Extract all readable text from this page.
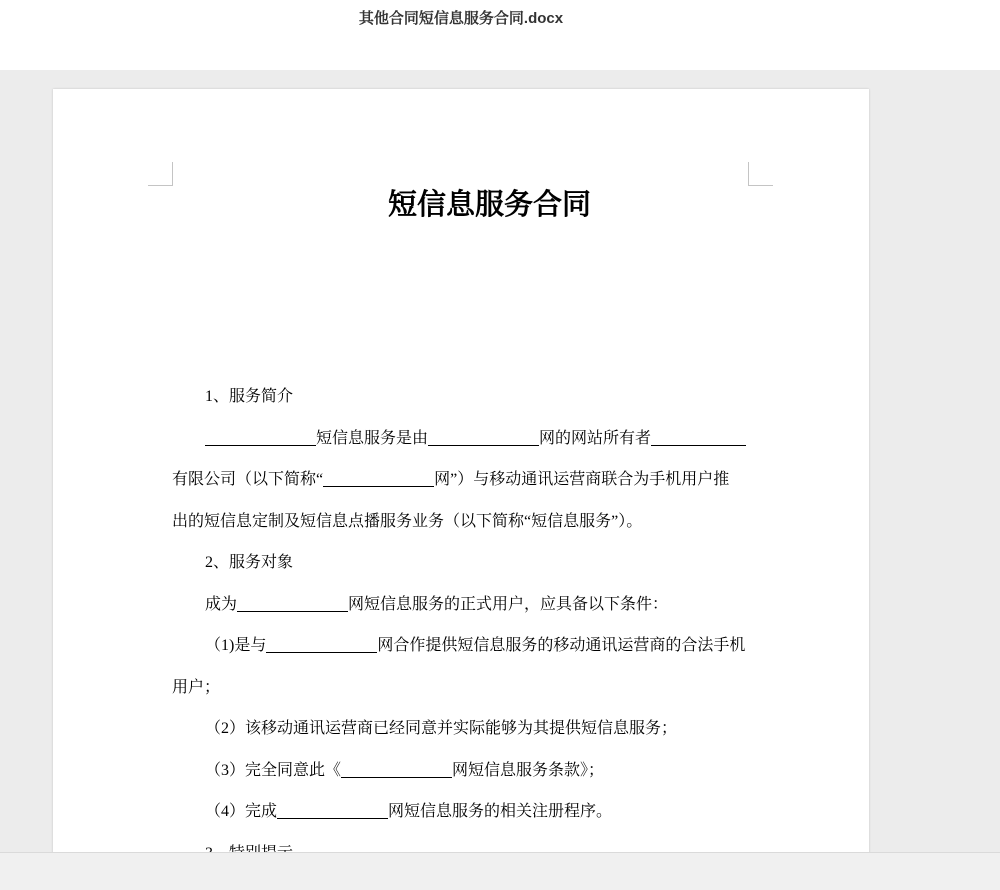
其他合同短信息服务合同.docx
短信息服务合同

1、服务简介

短信息服务是由	网的网站所有者

有限公司（以下简称“	网”）与移动通讯运营商联合为手机用户推

出的短信息定制及短信息点播服务业务（以下简称“短信息服务”）。

2、服务对象

成为	网短信息服务的正式用户，应具备以下条件：

（1)是与	网合作提供短信息服务的移动通讯运营商的合法手机

用户；

（2）该移动通讯运营商已经同意并实际能够为其提供短信息服务；

（3）完全同意此《	网短信息服务条款》；

（4）完成	网短信息服务的相关注册程序。
